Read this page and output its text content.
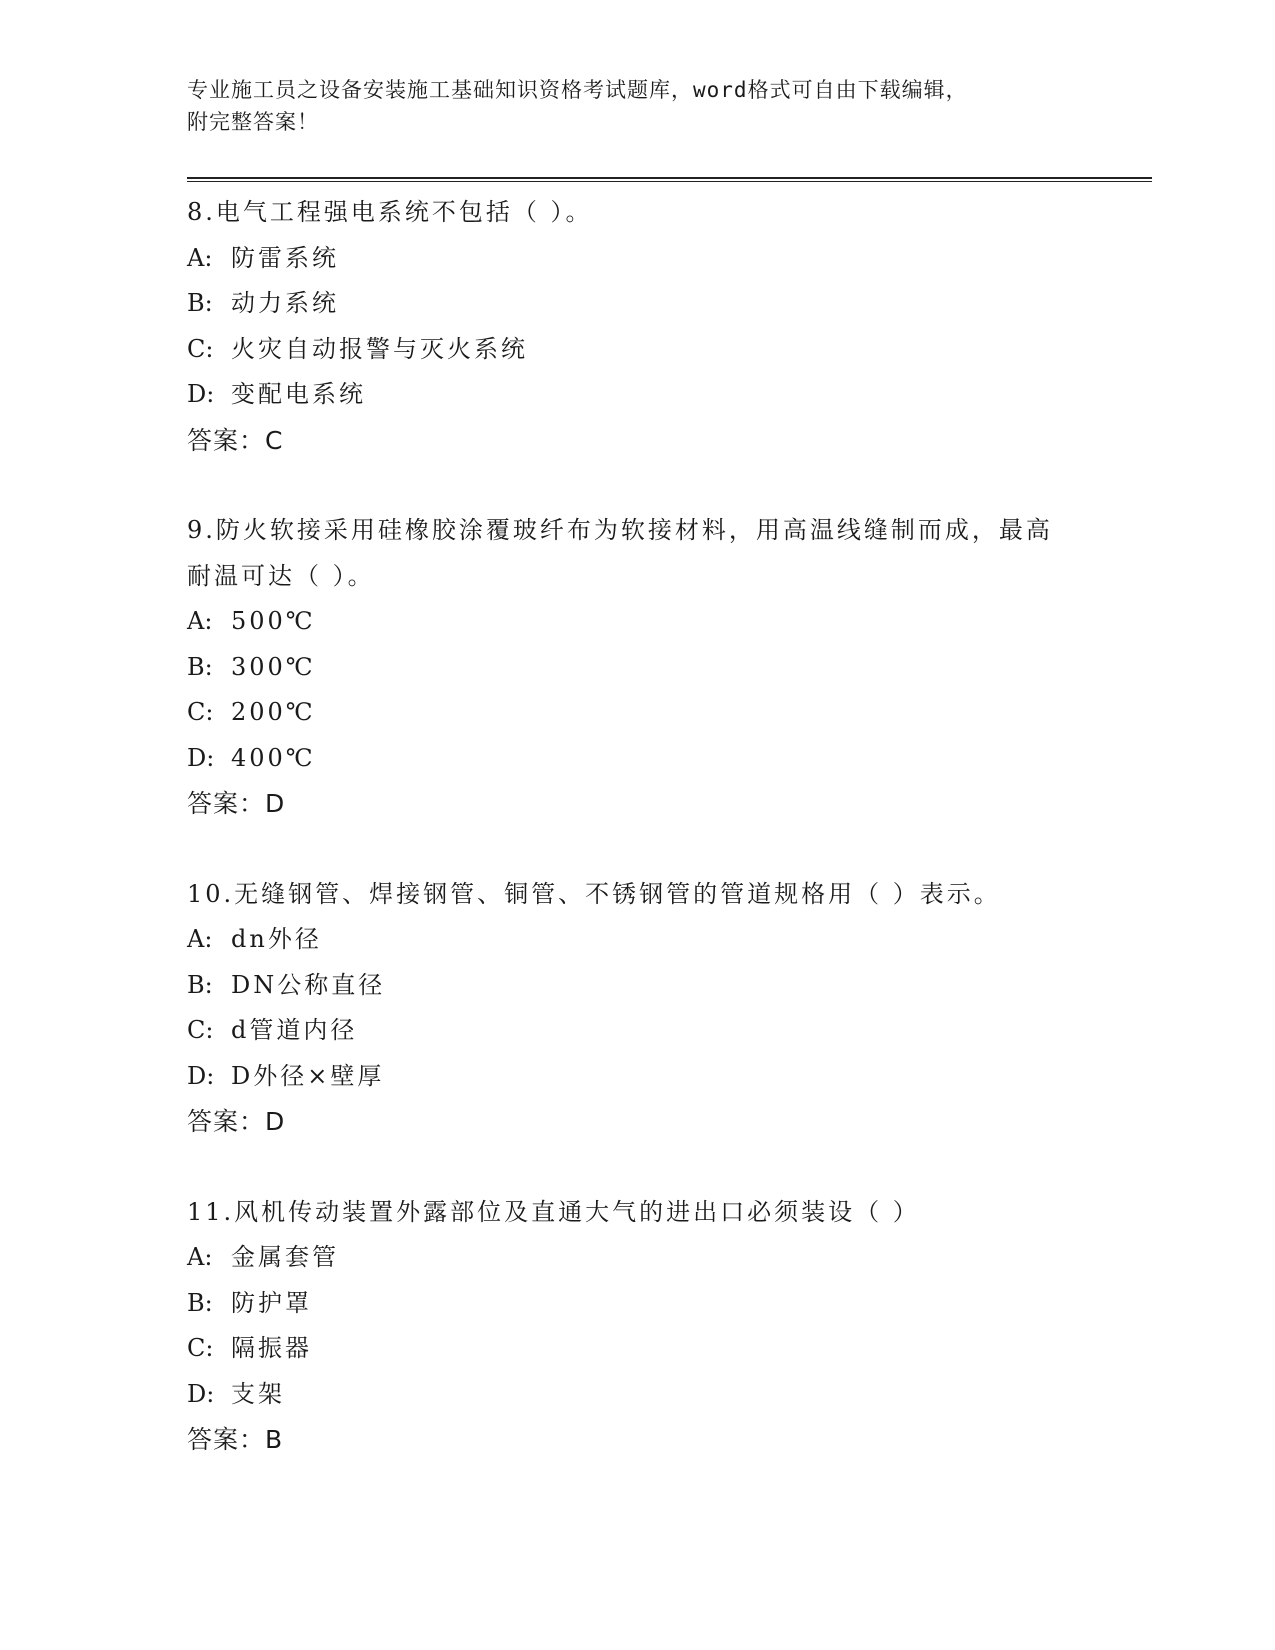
专业施工员之设备安装施工基础知识资格考试题库，word格式可自由下载编辑，
附完整答案！
8.电气工程强电系统不包括（ ）。
A: 防雷系统
B: 动力系统
C: 火灾自动报警与灭火系统
D: 变配电系统
答案：C
9.防火软接采用硅橡胶涂覆玻纤布为软接材料，用高温线缝制而成，最高耐温可达（ ）。
A: 500℃
B: 300℃
C: 200℃
D: 400℃
答案：D
10.无缝钢管、焊接钢管、铜管、不锈钢管的管道规格用（ ）表示。
A: dn外径
B: DN公称直径
C: d管道内径
D: D外径×壁厚
答案：D
11.风机传动装置外露部位及直通大气的进出口必须装设（ ）
A: 金属套管
B: 防护罩
C: 隔振器
D: 支架
答案：B
